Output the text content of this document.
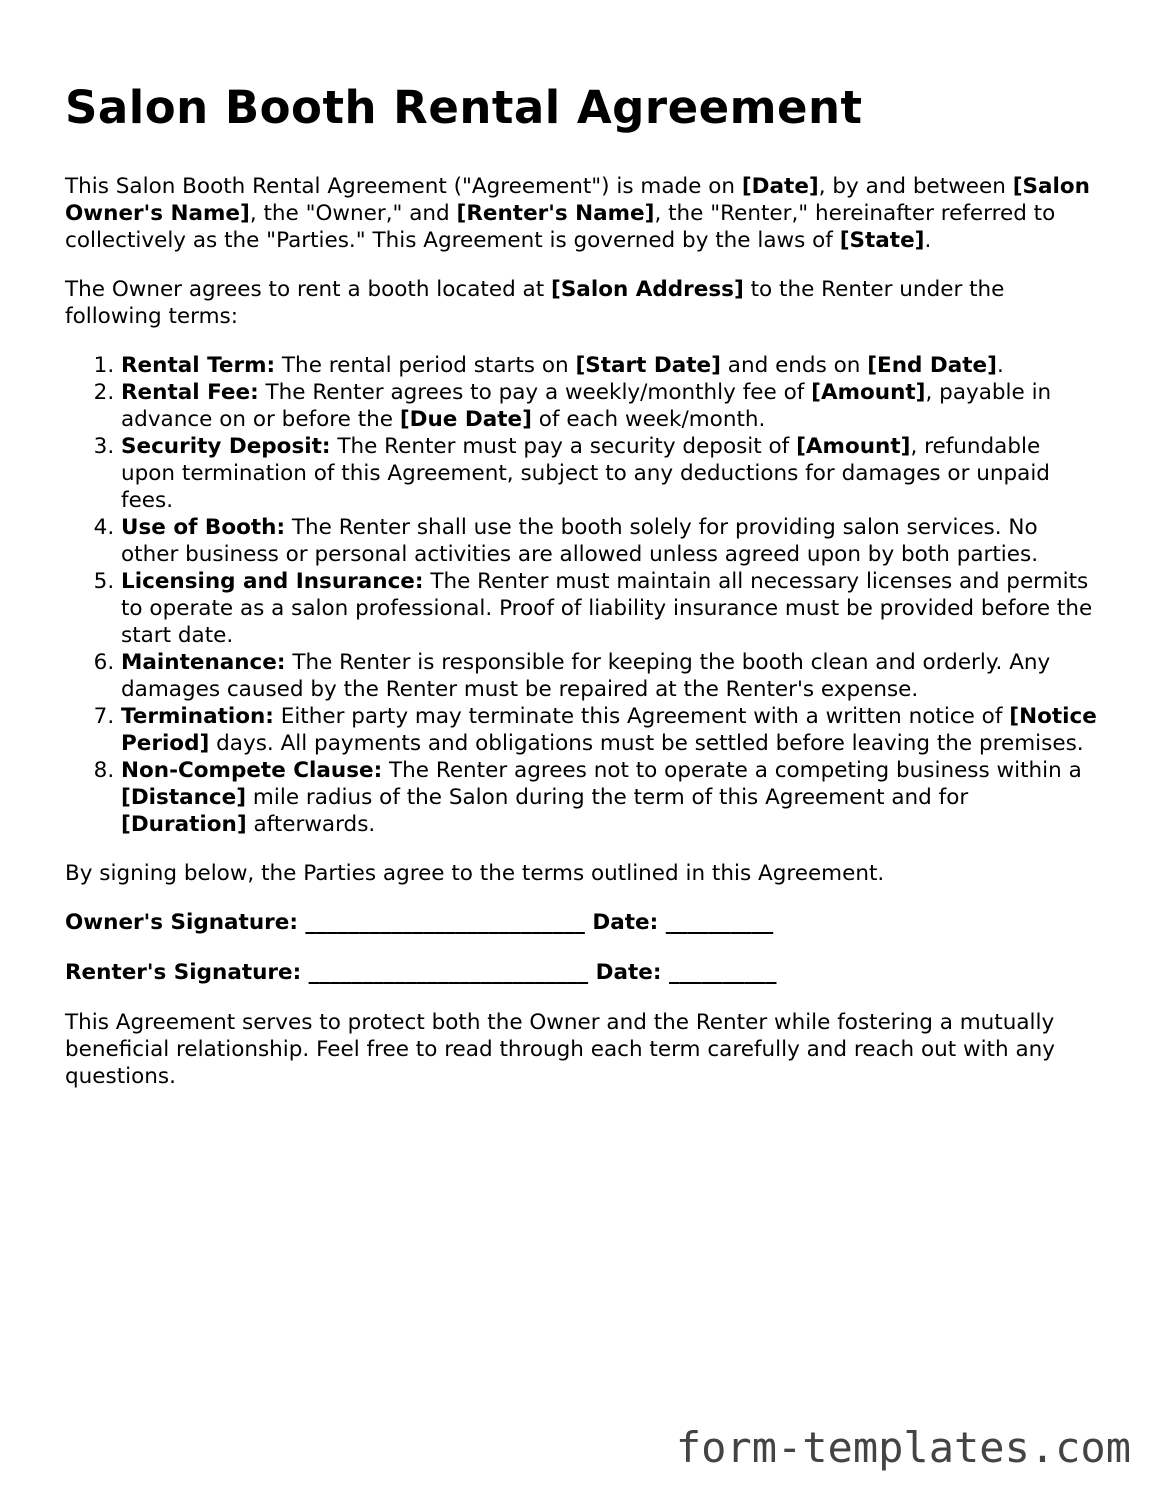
Salon Booth Rental Agreement

This Salon Booth Rental Agreement ("Agreement") is made on [Date], by and between [Salon Owner's Name], the "Owner," and [Renter's Name], the "Renter," hereinafter referred to collectively as the "Parties." This Agreement is governed by the laws of [State].

The Owner agrees to rent a booth located at [Salon Address] to the Renter under the following terms:

1. Rental Term: The rental period starts on [Start Date] and ends on [End Date].
2. Rental Fee: The Renter agrees to pay a weekly/monthly fee of [Amount], payable in advance on or before the [Due Date] of each week/month.
3. Security Deposit: The Renter must pay a security deposit of [Amount], refundable upon termination of this Agreement, subject to any deductions for damages or unpaid fees.
4. Use of Booth: The Renter shall use the booth solely for providing salon services. No other business or personal activities are allowed unless agreed upon by both parties.
5. Licensing and Insurance: The Renter must maintain all necessary licenses and permits to operate as a salon professional. Proof of liability insurance must be provided before the start date.
6. Maintenance: The Renter is responsible for keeping the booth clean and orderly. Any damages caused by the Renter must be repaired at the Renter's expense.
7. Termination: Either party may terminate this Agreement with a written notice of [Notice Period] days. All payments and obligations must be settled before leaving the premises.
8. Non-Compete Clause: The Renter agrees not to operate a competing business within a [Distance] mile radius of the Salon during the term of this Agreement and for [Duration] afterwards.

By signing below, the Parties agree to the terms outlined in this Agreement.

Owner's Signature: __________________________ Date: __________

Renter's Signature: __________________________ Date: __________

This Agreement serves to protect both the Owner and the Renter while fostering a mutually beneficial relationship. Feel free to read through each term carefully and reach out with any questions.

form-templates.com
